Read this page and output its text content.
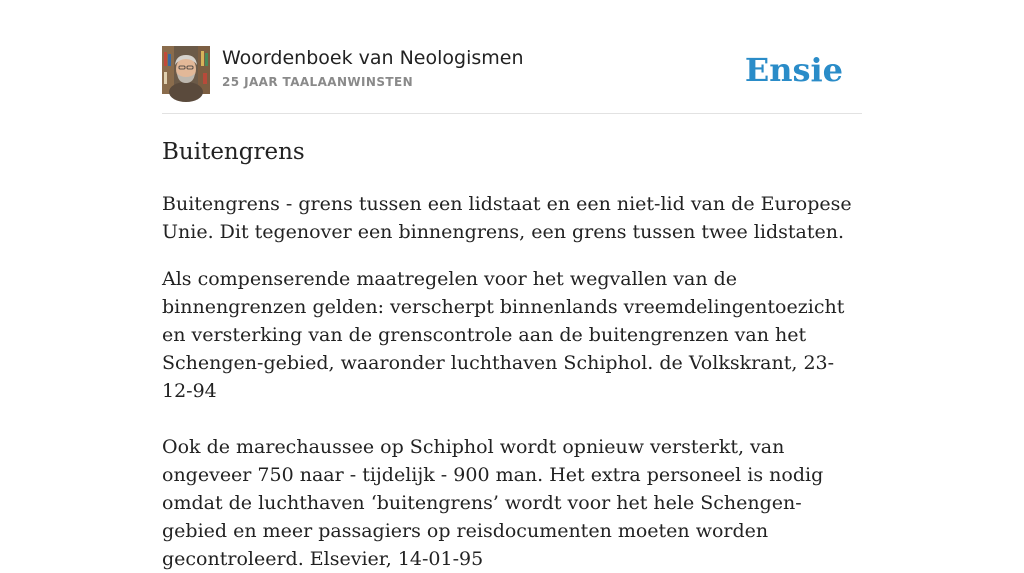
Woordenboek van Neologismen
25 JAAR TAALAANWINSTEN	Ensie
Buitengrens

Buitengrens - grens tussen een lidstaat en een niet-lid van de Europese Unie. Dit tegenover een binnengrens, een grens tussen twee lidstaten.

Als compenserende maatregelen voor het wegvallen van de binnengrenzen gelden: verscherpt binnenlands vreemdelingentoezicht en versterking van de grenscontrole aan de buitengrenzen van het Schengen-gebied, waaronder luchthaven Schiphol. de Volkskrant, 23-12-94

Ook de marechaussee op Schiphol wordt opnieuw versterkt, van ongeveer 750 naar - tijdelijk - 900 man. Het extra personeel is nodig omdat de luchthaven ‘buitengrens’ wordt voor het hele Schengen-gebied en meer passagiers op reisdocumenten moeten worden gecontroleerd. Elsevier, 14-01-95
